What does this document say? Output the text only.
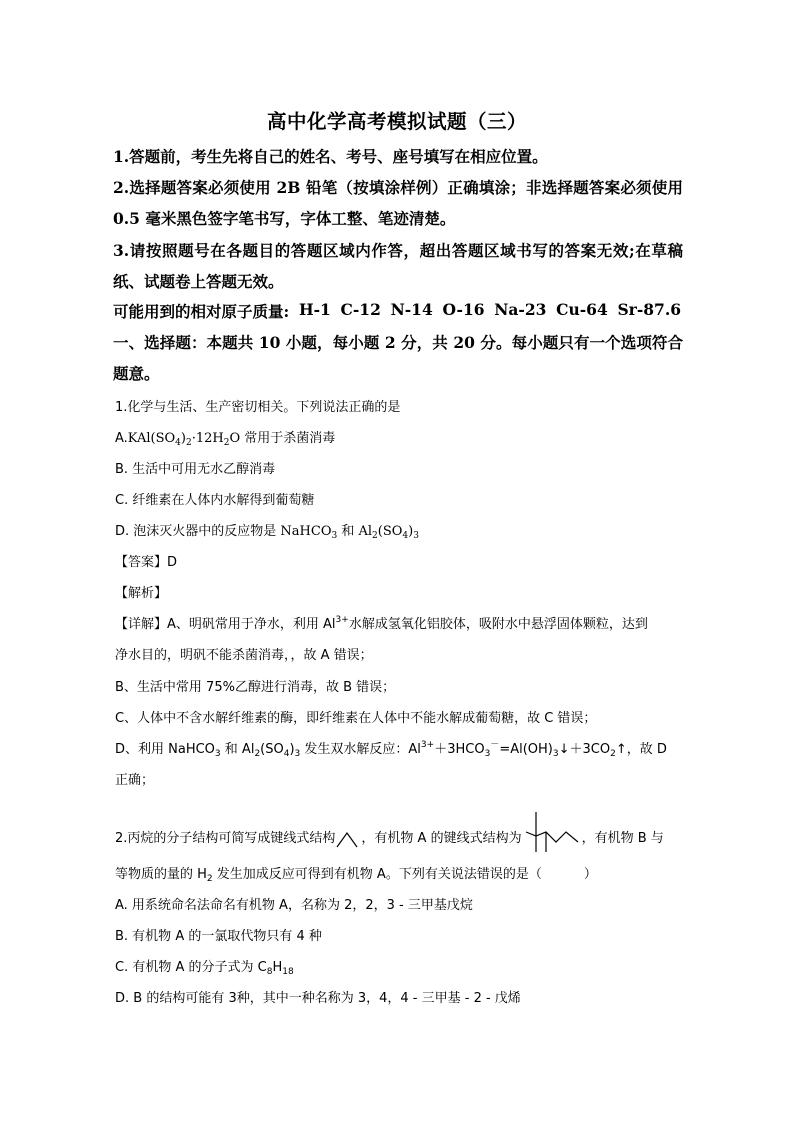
高中化学高考模拟试题（三）
1.答题前，考生先将自己的姓名、考号、座号填写在相应位置。
2.选择题答案必须使用 2B 铅笔（按填涂样例）正确填涂；非选择题答案必须使用
0.5 毫米黑色签字笔书写，字体工整、笔迹清楚。
3.请按照题号在各题目的答题区域内作答，超出答题区域书写的答案无效;在草稿
纸、试题卷上答题无效。
可能用到的相对原子质量: H-1 C-12 N-14 O-16 Na-23 Cu-64 Sr-87.6
一、选择题：本题共 10 小题，每小题 2 分，共 20 分。每小题只有一个选项符合
题意。
1.化学与生活、生产密切相关。下列说法正确的是
$A.KAl(SO_4)_2\cdot 12H_2O$ 常用于杀菌消毒
B. 生活中可用无水乙醇消毒
C. 纤维素在人体内水解得到葡萄糖
D. 泡沫灭火器中的反应物是 NaHCO$_3$ 和 $Al_2(SO_4)_3$
【答案】D
【解析】
【详解】A、明矾常用于净水，利用 $Al^{3+}$水解成氢氧化铝胶体，吸附水中悬浮固体颗粒，达到
净水目的，明矾不能杀菌消毒，，故 A 错误；
B、生活中常用 75%乙醇进行消毒，故 B 错误；
C、人体中不含水解纤维素的酶，即纤维素在人体中不能水解成葡萄糖，故 C 错误；
D、利用 NaHCO$_3$ 和 $Al_2(SO_4)_3$ 发生双水解反应：$Al^{3+}+3HCO_3^-=Al(OH)_3↓+3CO_2↑$，故 D
正确；
2.丙烷的分子结构可简写成键线式结构 ，有机物 A 的键线式结构为	，有机物 B 与
等物质的量的 $H_2$ 发生加成反应可得到有机物 A。下列有关说法错误的是（	）
A. 用系统命名法命名有机物 A，名称为 2，2，3 - 三甲基戊烷
B. 有机物 A 的一氯取代物只有 4 种
C. 有机物 A 的分子式为 $C_8H_{18}$
D. B 的结构可能有 3种，其中一种名称为 3，4，4 - 三甲基 - 2 - 戊烯
